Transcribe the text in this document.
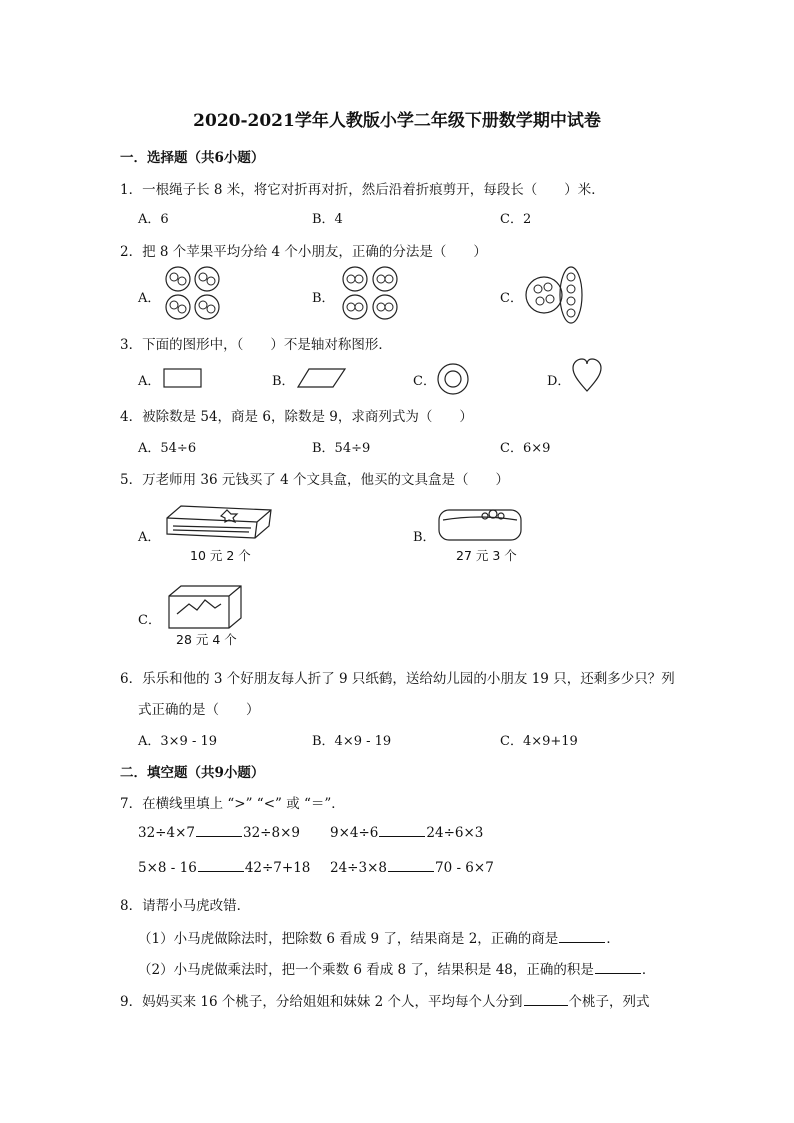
2020-2021学年人教版小学二年级下册数学期中试卷
一．选择题（共6小题）
1．一根绳子长 8 米，将它对折再对折，然后沿着折痕剪开，每段长（　　）米．
A．6	B．4	C．2
2．把 8 个苹果平均分给 4 个小朋友，正确的分法是（　　）
A．	B．	C．
3．下面的图形中，（　　）不是轴对称图形．
A．	B．	C．	D．
4．被除数是 54，商是 6，除数是 9，求商列式为（　　）
A．54÷6	B．54÷9	C．6×9
5．万老师用 36 元钱买了 4 个文具盒，他买的文具盒是（　　）
A．
10 元 2 个
B．
27 元 3 个
C．
28 元 4 个
6．乐乐和他的 3 个好朋友每人折了 9 只纸鹤，送给幼儿园的小朋友 19 只，还剩多少只？列
式正确的是（　　）
A．3×9 - 19	B．4×9 - 19	C．4×9+19
二．填空题（共9小题）
7．在横线里填上 “>” “<” 或 “＝”．
32÷4×7	32÷8×9 9×4÷6	24÷6×3
5×8 - 16	42÷7+18 24÷3×8	70 - 6×7
8．请帮小马虎改错．
（1）小马虎做除法时，把除数 6 看成 9 了，结果商是 2，正确的商是	．
（2）小马虎做乘法时，把一个乘数 6 看成 8 了，结果积是 48，正确的积是	．
9．妈妈买来 16 个桃子，分给姐姐和妹妹 2 个人，平均每个人分到	个桃子，列式
